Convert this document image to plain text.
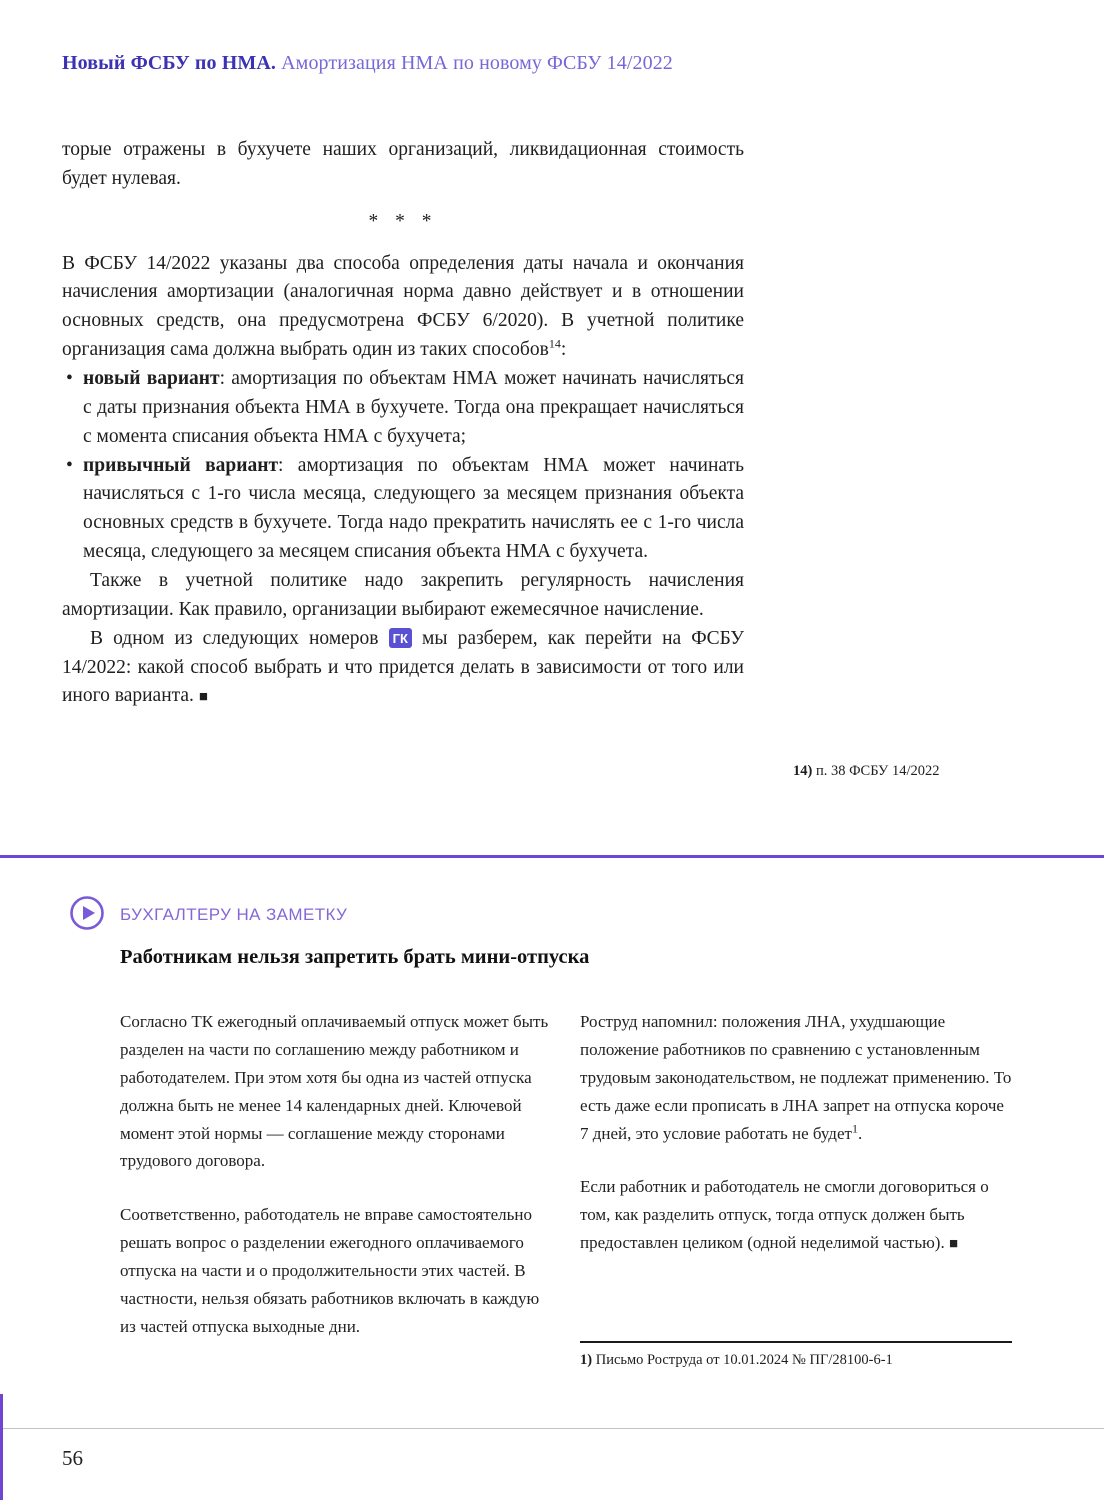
Новый ФСБУ по НМА. Амортизация НМА по новому ФСБУ 14/2022

торые отражены в бухучете наших организаций, ликвидационная стоимость будет нулевая.

* * *

В ФСБУ 14/2022 указаны два способа определения даты начала и окончания начисления амортизации (аналогичная норма давно действует и в отношении основных средств, она предусмотрена ФСБУ 6/2020). В учетной политике организация сама должна выбрать один из таких способов$^{14}$:

• новый вариант: амортизация по объектам НМА может начинать начисляться с даты признания объекта НМА в бухучете. Тогда она прекращает начисляться с момента списания объекта НМА с бухучета;
• привычный вариант: амортизация по объектам НМА может начинать начисляться с 1-го числа месяца, следующего за месяцем признания объекта основных средств в бухучете. Тогда надо прекратить начислять ее с 1-го числа месяца, следующего за месяцем списания объекта НМА с бухучета.

Также в учетной политике надо закрепить регулярность начисления амортизации. Как правило, организации выбирают ежемесячное начисление.

В одном из следующих номеров ГК мы разберем, как перейти на ФСБУ 14/2022: какой способ выбрать и что придется делать в зависимости от того или иного варианта. ■

14) п. 38 ФСБУ 14/2022
БУХГАЛТЕРУ НА ЗАМЕТКУ
Работникам нельзя запретить брать мини-отпуска

Согласно ТК ежегодный оплачиваемый отпуск может быть разделен на части по соглашению между работником и работодателем. При этом хотя бы одна из частей отпуска должна быть не менее 14 календарных дней. Ключевой момент этой нормы — соглашение между сторонами трудового договора.

Соответственно, работодатель не вправе самостоятельно решать вопрос о разделении ежегодного оплачиваемого отпуска на части и о продолжительности этих частей. В частности, нельзя обязать работников включать в каждую из частей отпуска выходные дни.

Роструд напомнил: положения ЛНА, ухудшающие положение работников по сравнению с установленным трудовым законодательством, не подлежат применению. То есть даже если прописать в ЛНА запрет на отпуска короче 7 дней, это условие работать не будет$^1$.

Если работник и работодатель не смогли договориться о том, как разделить отпуск, тогда отпуск должен быть предоставлен целиком (одной неделимой частью). ■

1) Письмо Роструда от 10.01.2024 № ПГ/28100-6-1
56
